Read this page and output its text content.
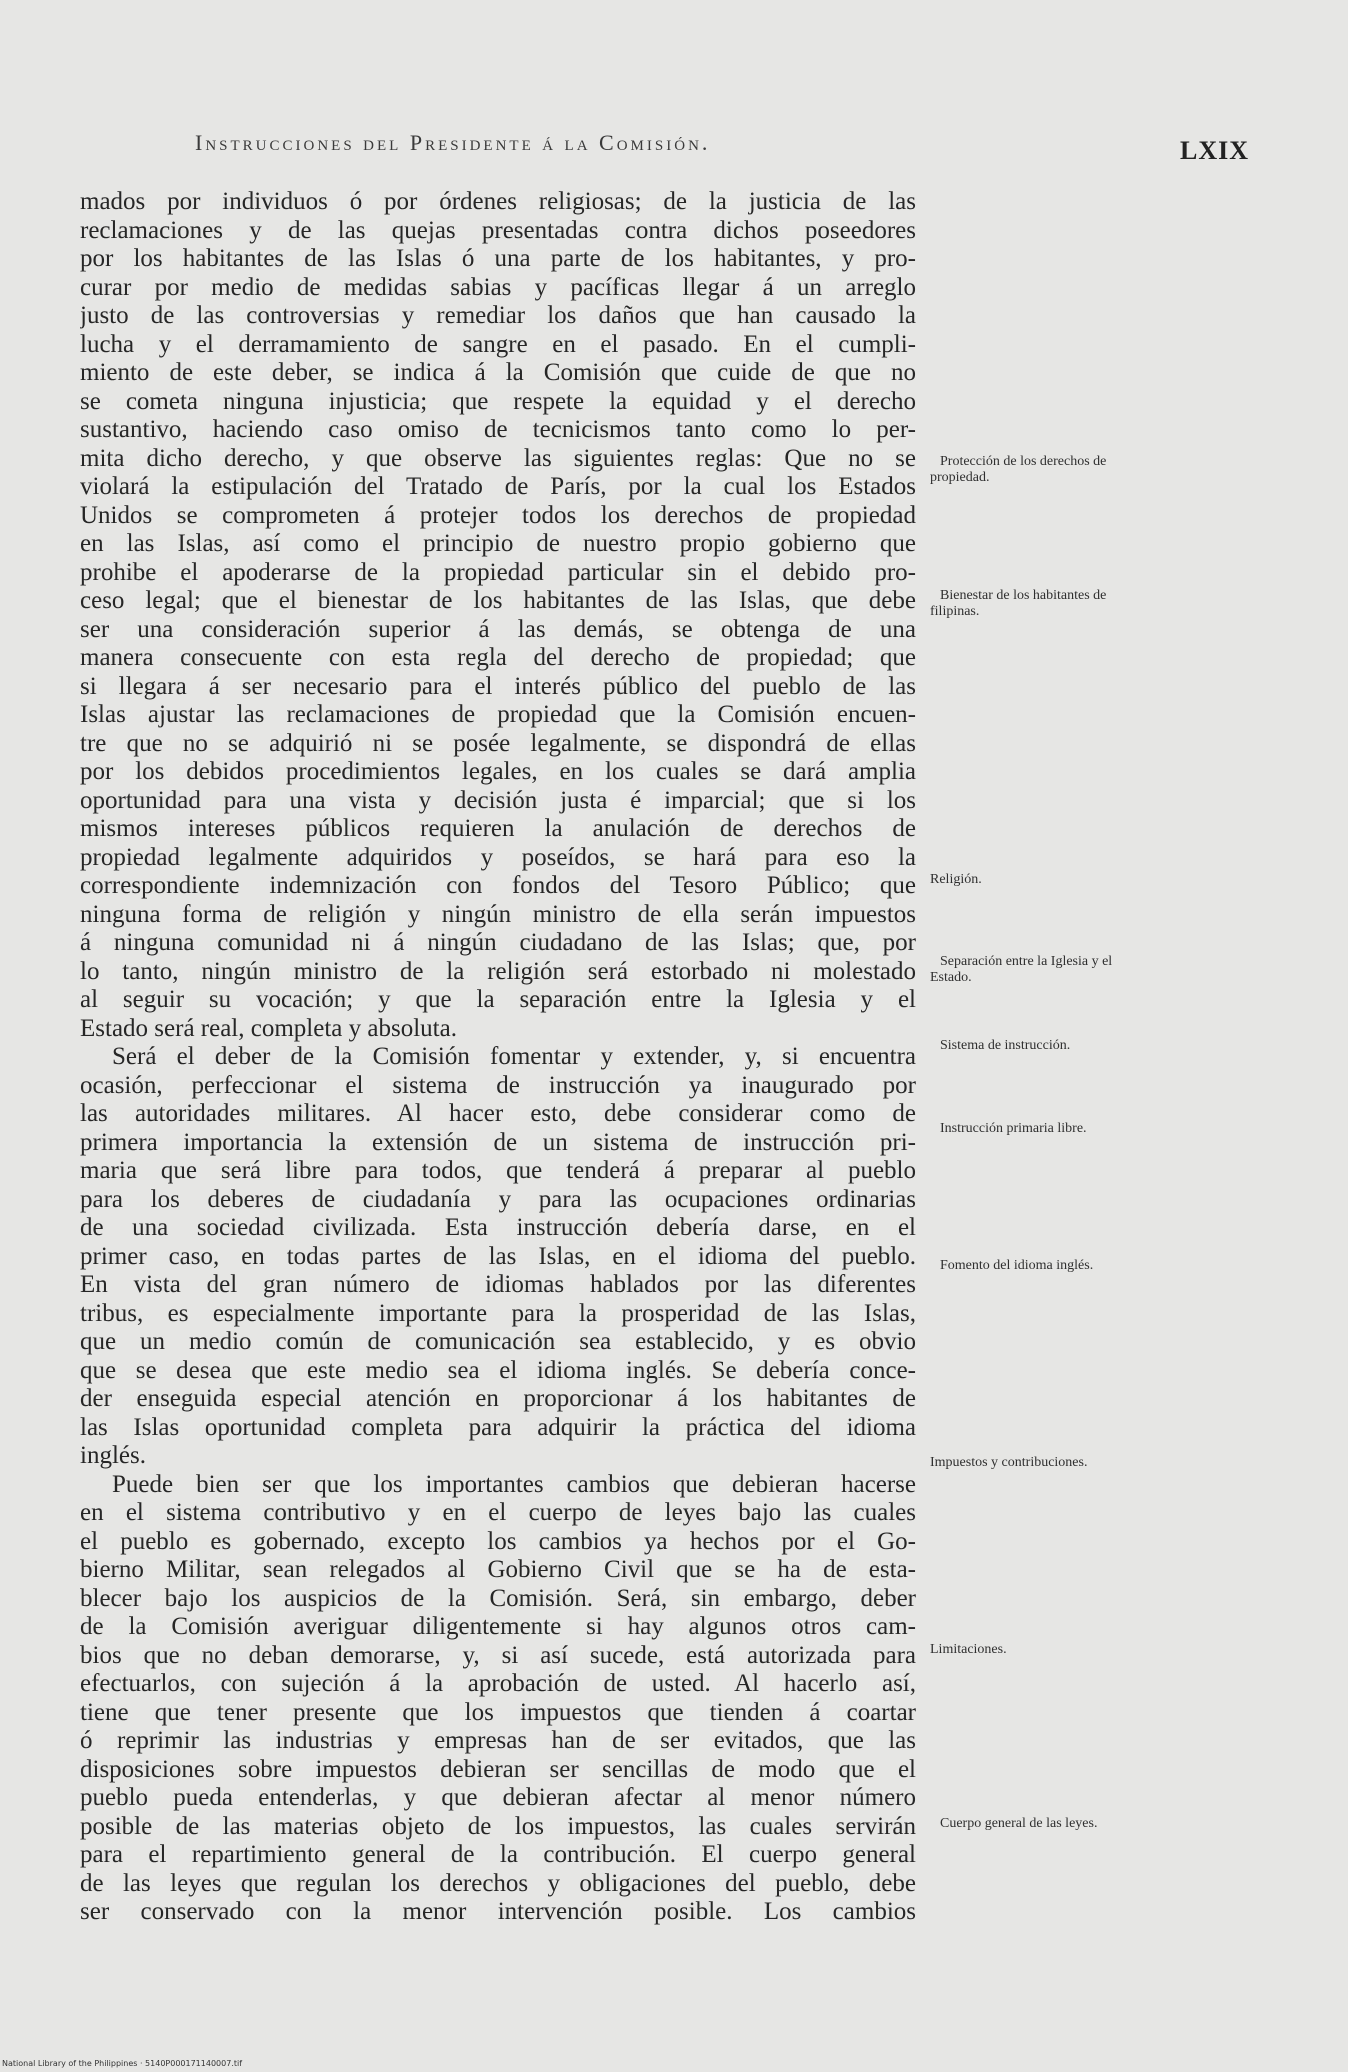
Instrucciones del Presidente á la Comisión.	LXIX
mados por individuos ó por órdenes religiosas; de la justicia de las
reclamaciones y de las quejas presentadas contra dichos poseedores
por los habitantes de las Islas ó una parte de los habitantes, y pro-
curar por medio de medidas sabias y pacíficas llegar á un arreglo
justo de las controversias y remediar los daños que han causado la
lucha y el derramamiento de sangre en el pasado. En el cumpli-
miento de este deber, se indica á la Comisión que cuide de que no
se cometa ninguna injusticia; que respete la equidad y el derecho
sustantivo, haciendo caso omiso de tecnicismos tanto como lo per-
mita dicho derecho, y que observe las siguientes reglas: Que no se
violará la estipulación del Tratado de París, por la cual los Estados
Unidos se comprometen á protejer todos los derechos de propiedad
en las Islas, así como el principio de nuestro propio gobierno que
prohibe el apoderarse de la propiedad particular sin el debido pro-
ceso legal; que el bienestar de los habitantes de las Islas, que debe
ser una consideración superior á las demás, se obtenga de una
manera consecuente con esta regla del derecho de propiedad; que
si llegara á ser necesario para el interés público del pueblo de las
Islas ajustar las reclamaciones de propiedad que la Comisión encuen-
tre que no se adquirió ni se posée legalmente, se dispondrá de ellas
por los debidos procedimientos legales, en los cuales se dará amplia
oportunidad para una vista y decisión justa é imparcial; que si los
mismos intereses públicos requieren la anulación de derechos de
propiedad legalmente adquiridos y poseídos, se hará para eso la
correspondiente indemnización con fondos del Tesoro Público; que
ninguna forma de religión y ningún ministro de ella serán impuestos
á ninguna comunidad ni á ningún ciudadano de las Islas; que, por
lo tanto, ningún ministro de la religión será estorbado ni molestado
al seguir su vocación; y que la separación entre la Iglesia y el
Estado será real, completa y absoluta.
Será el deber de la Comisión fomentar y extender, y, si encuentra
ocasión, perfeccionar el sistema de instrucción ya inaugurado por
las autoridades militares. Al hacer esto, debe considerar como de
primera importancia la extensión de un sistema de instrucción pri-
maria que será libre para todos, que tenderá á preparar al pueblo
para los deberes de ciudadanía y para las ocupaciones ordinarias
de una sociedad civilizada. Esta instrucción debería darse, en el
primer caso, en todas partes de las Islas, en el idioma del pueblo.
En vista del gran número de idiomas hablados por las diferentes
tribus, es especialmente importante para la prosperidad de las Islas,
que un medio común de comunicación sea establecido, y es obvio
que se desea que este medio sea el idioma inglés. Se debería conce-
der enseguida especial atención en proporcionar á los habitantes de
las Islas oportunidad completa para adquirir la práctica del idioma
inglés.
Puede bien ser que los importantes cambios que debieran hacerse
en el sistema contributivo y en el cuerpo de leyes bajo las cuales
el pueblo es gobernado, excepto los cambios ya hechos por el Go-
bierno Militar, sean relegados al Gobierno Civil que se ha de esta-
blecer bajo los auspicios de la Comisión. Será, sin embargo, deber
de la Comisión averiguar diligentemente si hay algunos otros cam-
bios que no deban demorarse, y, si así sucede, está autorizada para
efectuarlos, con sujeción á la aprobación de usted. Al hacerlo así,
tiene que tener presente que los impuestos que tienden á coartar
ó reprimir las industrias y empresas han de ser evitados, que las
disposiciones sobre impuestos debieran ser sencillas de modo que el
pueblo pueda entenderlas, y que debieran afectar al menor número
posible de las materias objeto de los impuestos, las cuales servirán
para el repartimiento general de la contribución. El cuerpo general
de las leyes que regulan los derechos y obligaciones del pueblo, debe
ser conservado con la menor intervención posible. Los cambios
Protección de los derechos de propiedad.
Bienestar de los habitantes de filipinas.
Religión.
Separación entre la Iglesia y el Estado.
Sistema de instrucción.
Instrucción primaria libre.
Fomento del idioma inglés.
Impuestos y contribuciones.
Limitaciones.
Cuerpo general de las leyes.
National Library of the Philippines · 5140P000171140007.tif
